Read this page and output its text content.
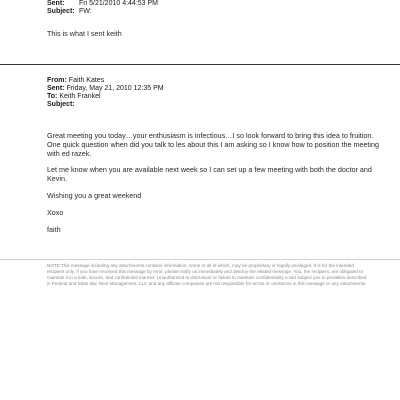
Sent: Fri 5/21/2010 4:44:53 PM
Subject: FW:
This is what I sent keith
From: Faith Kates
Sent: Friday, May 21, 2010 12:35 PM
To: Keith Frankel
Subject:
Great meeting you today…your enthusiasm is infectious…I so look forward to bring this idea to fruition.
One quick question when did you talk to les about this I am asking so I know how to position the meeting
with ed razek.
Let me know when you are available next week so I can set up a few meeting with both the doctor and
Kevin.
Wishing you a great weekend
Xoxo
faith
NOTE:This message including any attachments contains information, some or all of which, may be proprietary or legally privileged. It is for the intended recipient only. If you have received this message by error, please notify us immediately and destroy the related message. You, the recipient, are obligated to maintain it in a safe, secure, and confidential manner. Unauthorized re-disclosure or failure to maintain confidentiality could subject you to penalties described in Federal and State law. Next Management, LLC and any affiliate companies are not responsible for errors or omissions in this message or any attachments.
